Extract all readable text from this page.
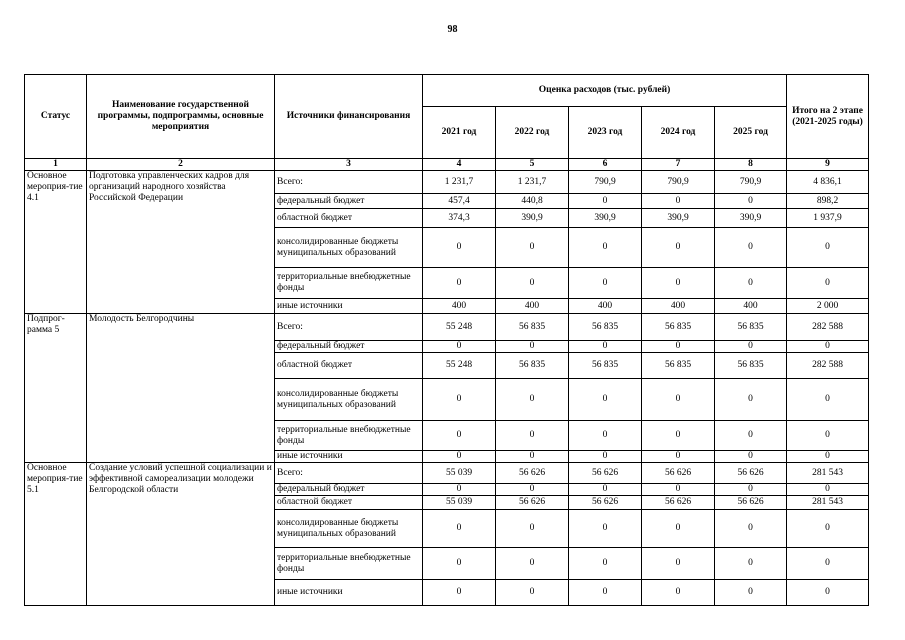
98
Статус	Наименование государственной программы, подпрограммы, основные мероприятия	Источники финансирования	Оценка расходов (тыс. рублей)					Итого на 2 этапе (2021-2025 годы)
			2021 год	2022 год	2023 год	2024 год	2025 год	
1	2	3	4	5	6	7	8	9
Основное мероприя-тие 4.1	Подготовка управленческих кадров для организаций народного хозяйства Российской Федерации	Всего:	1 231,7	1 231,7	790,9	790,9	790,9	4 836,1
		федеральный бюджет	457,4	440,8	0	0	0	898,2
		областной бюджет	374,3	390,9	390,9	390,9	390,9	1 937,9
		консолидированные бюджеты муниципальных образований	0	0	0	0	0	0
		территориальные внебюджетные фонды	0	0	0	0	0	0
		иные источники	400	400	400	400	400	2 000
Подпрог-рамма 5	Молодость Белгородчины	Всего:	55 248	56 835	56 835	56 835	56 835	282 588
		федеральный бюджет	0	0	0	0	0	0
		областной бюджет	55 248	56 835	56 835	56 835	56 835	282 588
		консолидированные бюджеты муниципальных образований	0	0	0	0	0	0
		территориальные внебюджетные фонды	0	0	0	0	0	0
		иные источники	0	0	0	0	0	0
Основное мероприя-тие 5.1	Создание условий успешной социализации и эффективной самореализации молодежи Белгородской области	Всего:	55 039	56 626	56 626	56 626	56 626	281 543
		федеральный бюджет	0	0	0	0	0	0
		областной бюджет	55 039	56 626	56 626	56 626	56 626	281 543
		консолидированные бюджеты муниципальных образований	0	0	0	0	0	0
		территориальные внебюджетные фонды	0	0	0	0	0	0
		иные источники	0	0	0	0	0	0
